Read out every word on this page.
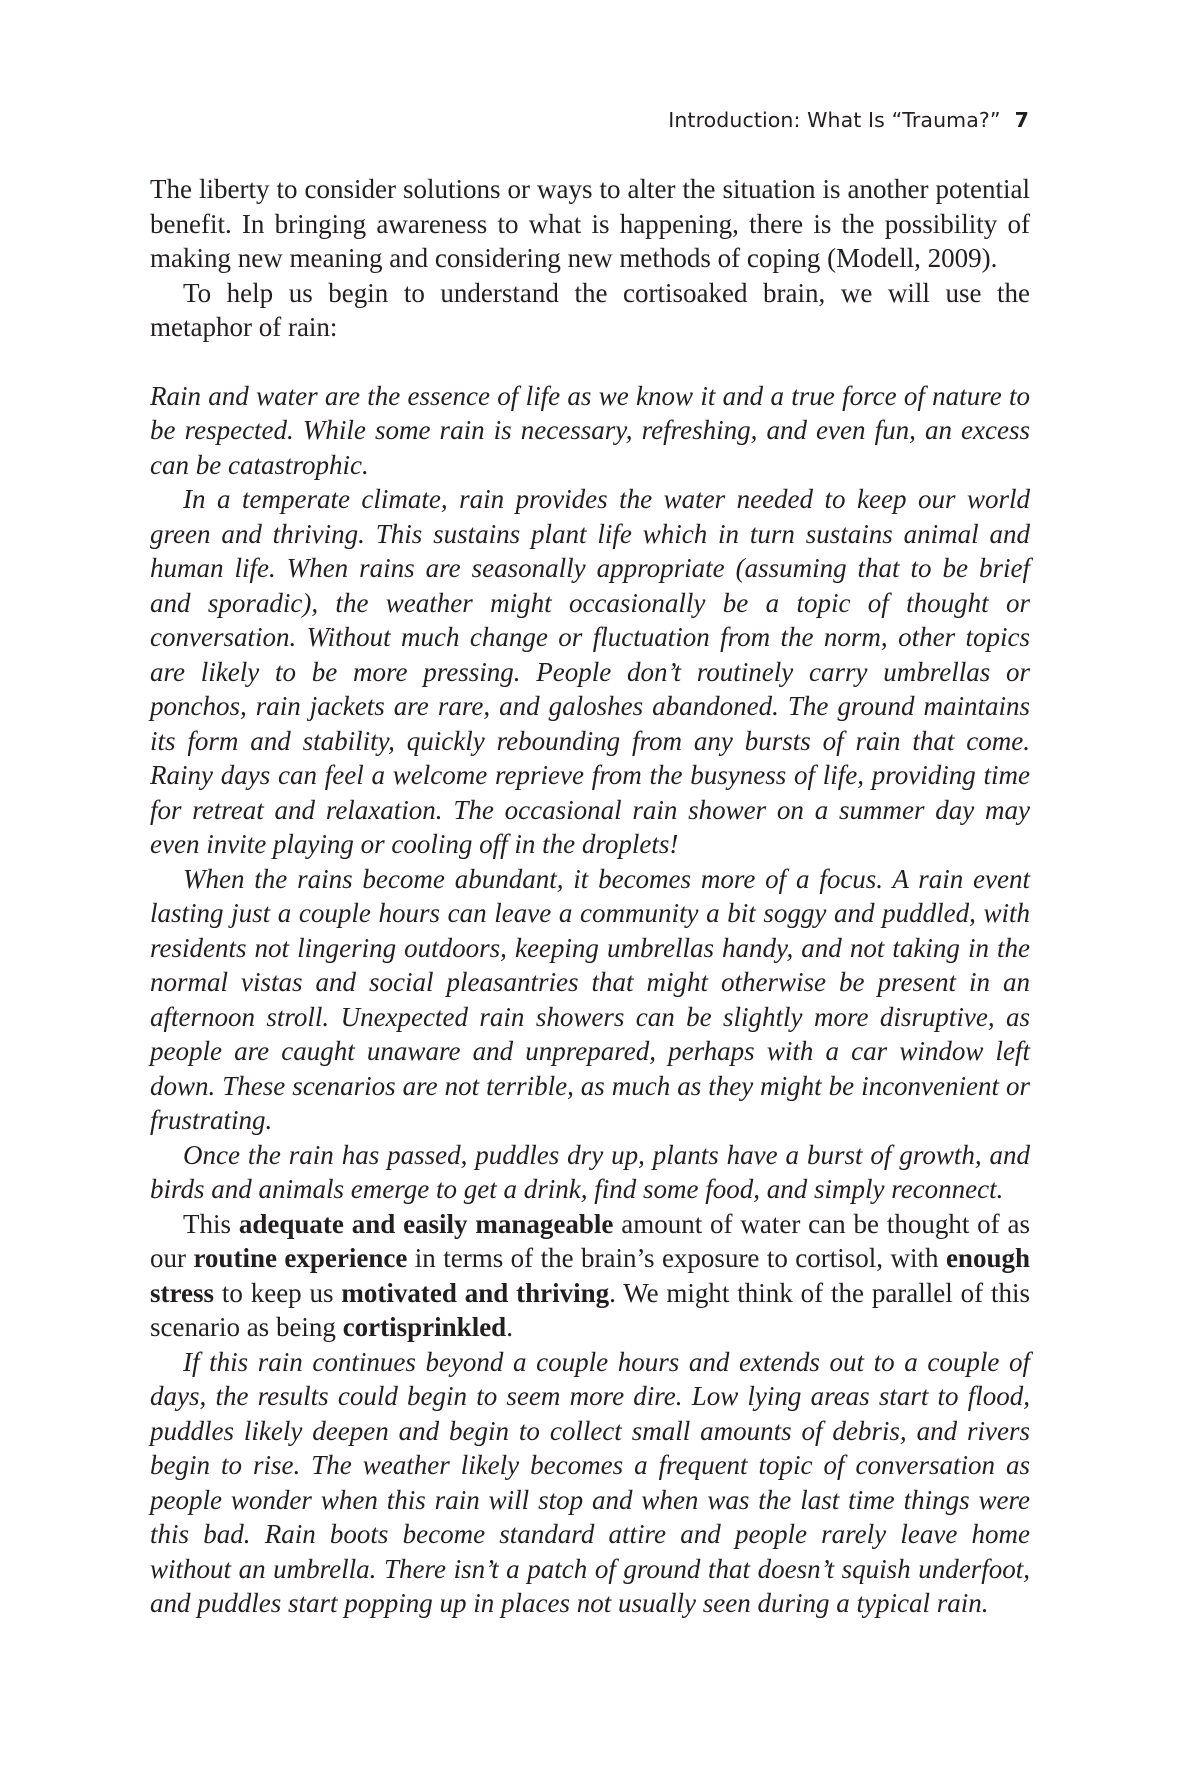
Introduction: What Is “Trauma?” 7

The liberty to consider solutions or ways to alter the situation is another potential benefit. In bringing awareness to what is happening, there is the possibility of making new meaning and considering new methods of coping (Modell, 2009).

To help us begin to understand the cortisoaked brain, we will use the metaphor of rain:

Rain and water are the essence of life as we know it and a true force of nature to be respected. While some rain is necessary, refreshing, and even fun, an excess can be catastrophic.

In a temperate climate, rain provides the water needed to keep our world green and thriving. This sustains plant life which in turn sustains animal and human life. When rains are seasonally appropriate (assuming that to be brief and sporadic), the weather might occasionally be a topic of thought or conversation. Without much change or fluctuation from the norm, other topics are likely to be more pressing. People don’t routinely carry umbrellas or ponchos, rain jackets are rare, and galoshes abandoned. The ground maintains its form and stability, quickly rebounding from any bursts of rain that come. Rainy days can feel a welcome reprieve from the busyness of life, providing time for retreat and relaxation. The occasional rain shower on a summer day may even invite playing or cooling off in the droplets!

When the rains become abundant, it becomes more of a focus. A rain event lasting just a couple hours can leave a community a bit soggy and puddled, with residents not lingering outdoors, keeping umbrellas handy, and not taking in the normal vistas and social pleasantries that might otherwise be present in an afternoon stroll. Unexpected rain showers can be slightly more disruptive, as people are caught unaware and unprepared, perhaps with a car window left down. These scenarios are not terrible, as much as they might be inconvenient or frustrating.

Once the rain has passed, puddles dry up, plants have a burst of growth, and birds and animals emerge to get a drink, find some food, and simply reconnect.

This adequate and easily manageable amount of water can be thought of as our routine experience in terms of the brain’s exposure to cortisol, with enough stress to keep us motivated and thriving. We might think of the parallel of this scenario as being cortisprinkled.

If this rain continues beyond a couple hours and extends out to a couple of days, the results could begin to seem more dire. Low lying areas start to flood, puddles likely deepen and begin to collect small amounts of debris, and rivers begin to rise. The weather likely becomes a frequent topic of conversation as people wonder when this rain will stop and when was the last time things were this bad. Rain boots become standard attire and people rarely leave home without an umbrella. There isn’t a patch of ground that doesn’t squish underfoot, and puddles start popping up in places not usually seen during a typical rain.
